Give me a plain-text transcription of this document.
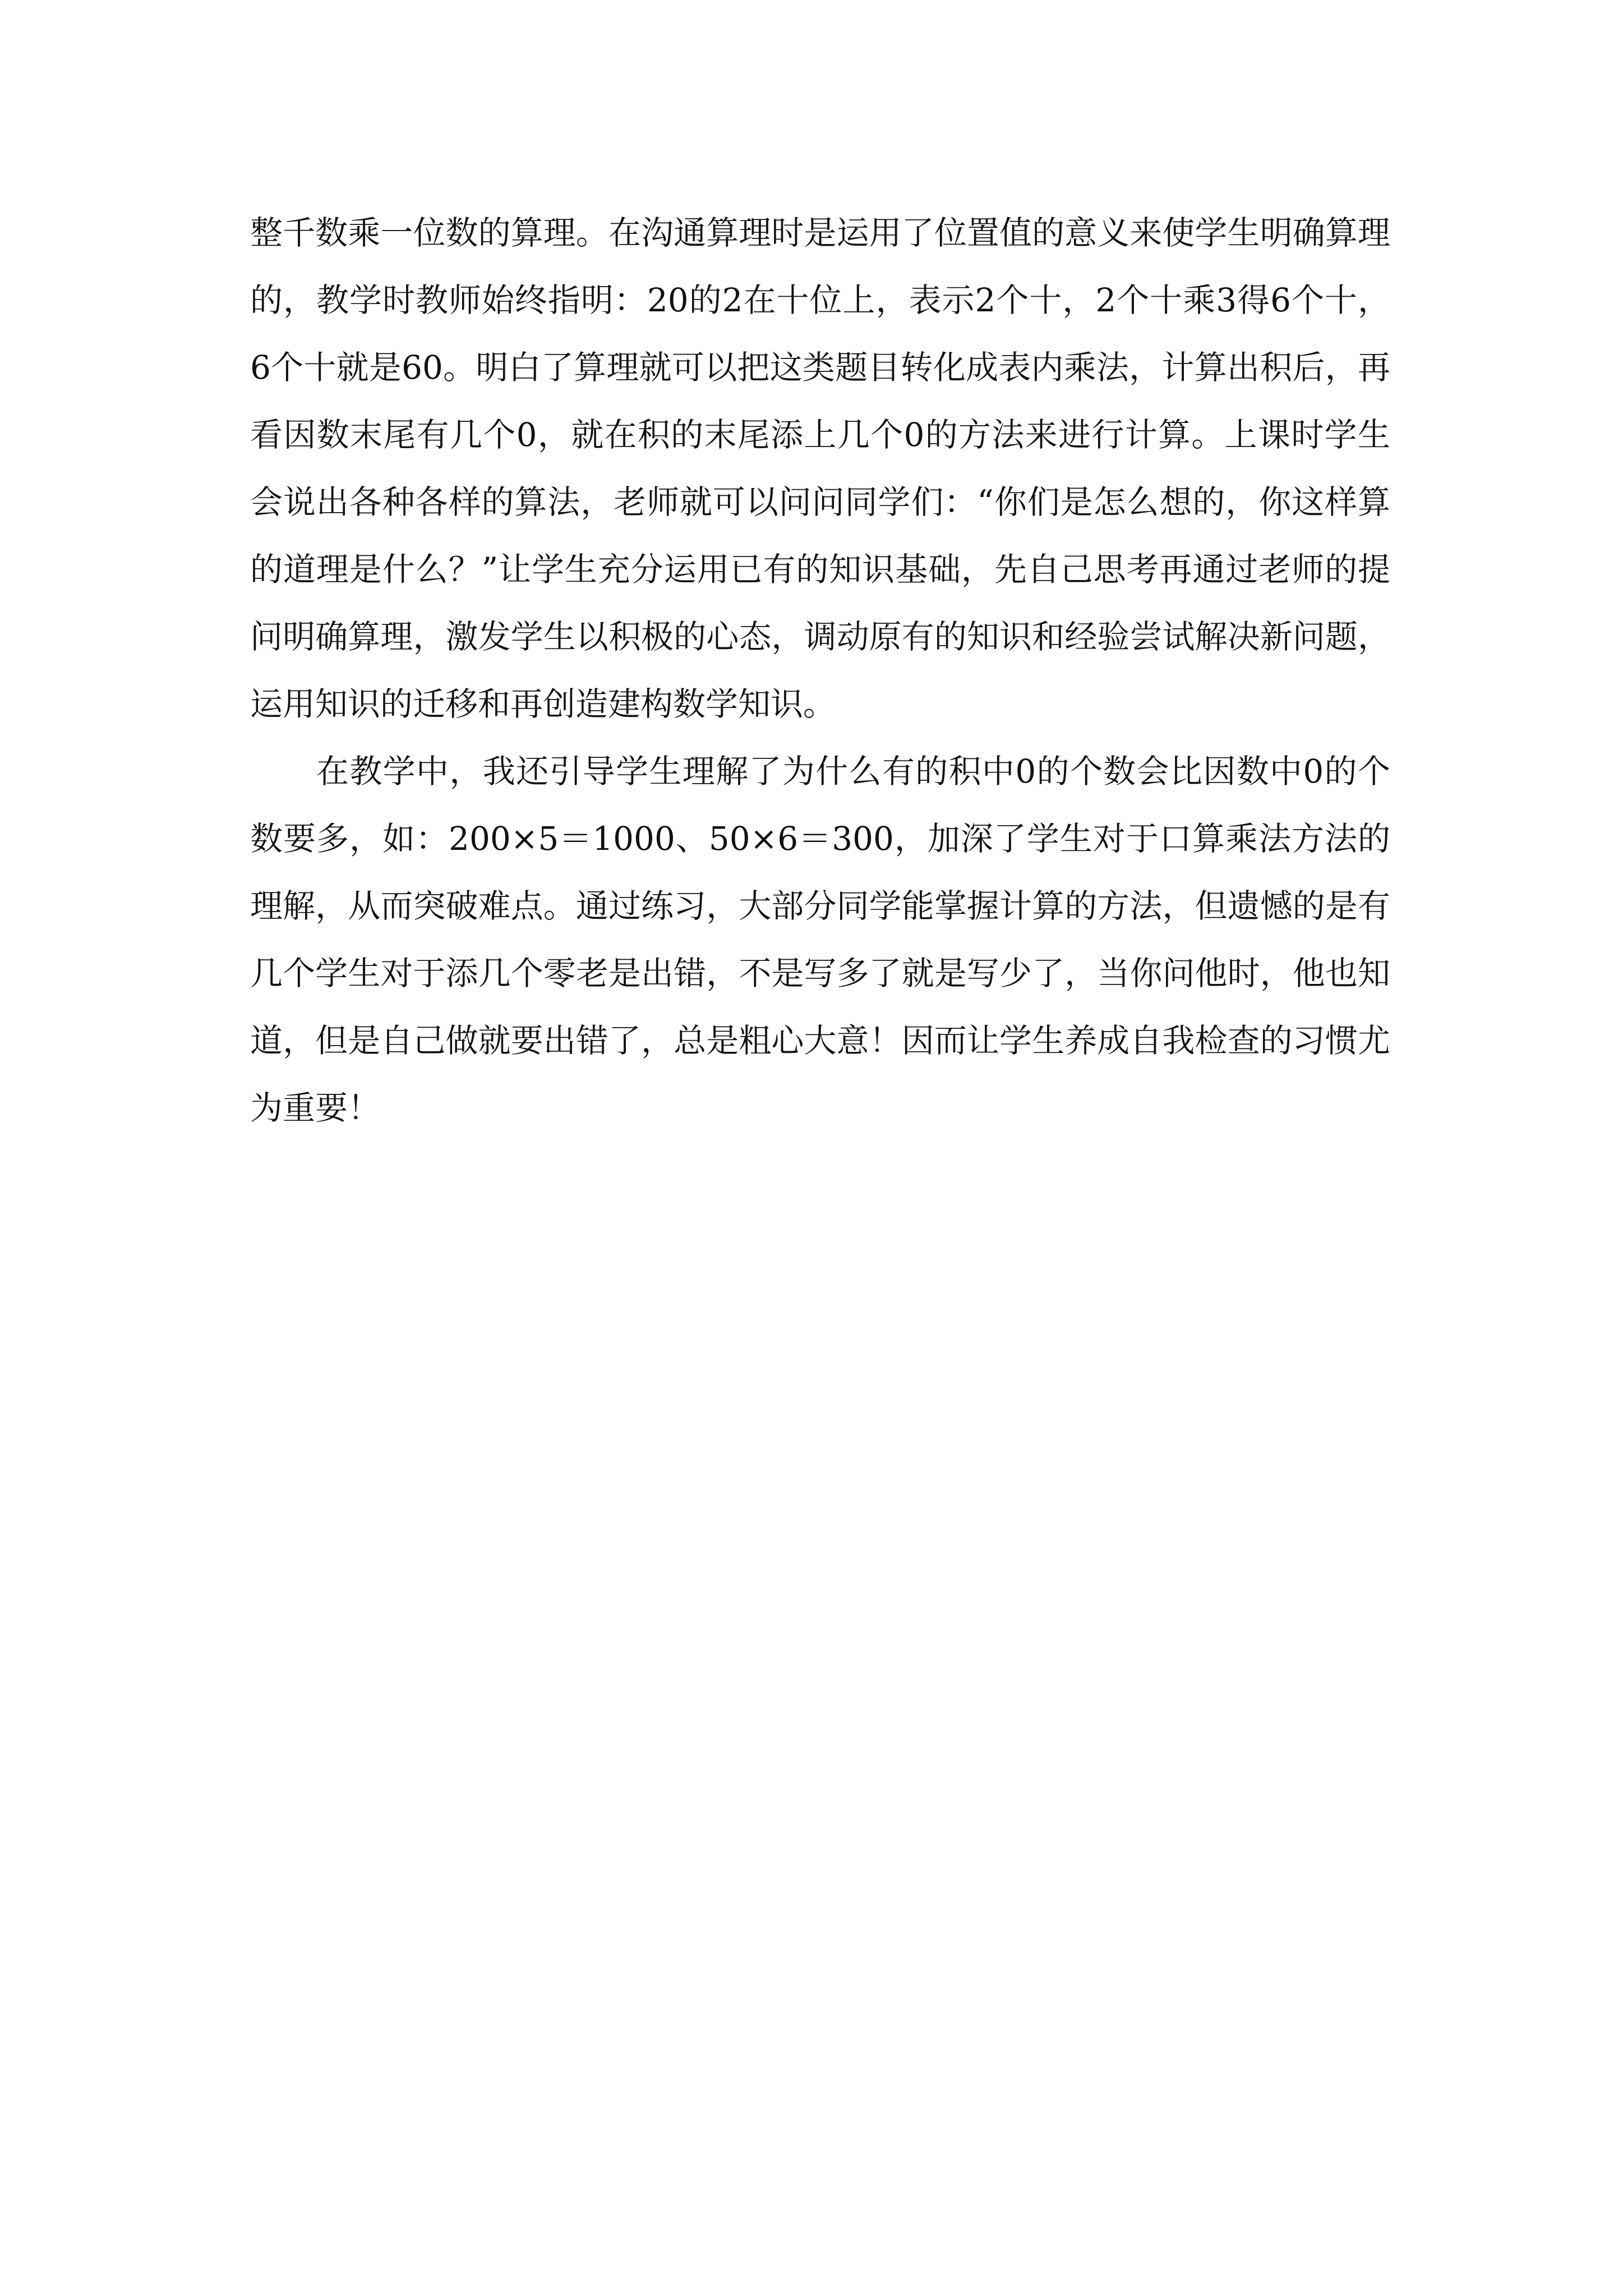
整千数乘一位数的算理。在沟通算理时是运用了位置值的意义来使学生明确算理的，教学时教师始终指明：20的2在十位上，表示2个十，2个十乘3得6个十，6个十就是60。明白了算理就可以把这类题目转化成表内乘法，计算出积后，再看因数末尾有几个0，就在积的末尾添上几个0的方法来进行计算。上课时学生会说出各种各样的算法，老师就可以问问同学们：“你们是怎么想的，你这样算的道理是什么？”让学生充分运用已有的知识基础，先自己思考再通过老师的提问明确算理，激发学生以积极的心态，调动原有的知识和经验尝试解决新问题，运用知识的迁移和再创造建构数学知识。

在教学中，我还引导学生理解了为什么有的积中0的个数会比因数中0的个数要多，如：200×5＝1000、50×6＝300，加深了学生对于口算乘法方法的理解，从而突破难点。通过练习，大部分同学能掌握计算的方法，但遗憾的是有几个学生对于添几个零老是出错，不是写多了就是写少了，当你问他时，他也知道，但是自己做就要出错了，总是粗心大意！因而让学生养成自我检查的习惯尤为重要！
